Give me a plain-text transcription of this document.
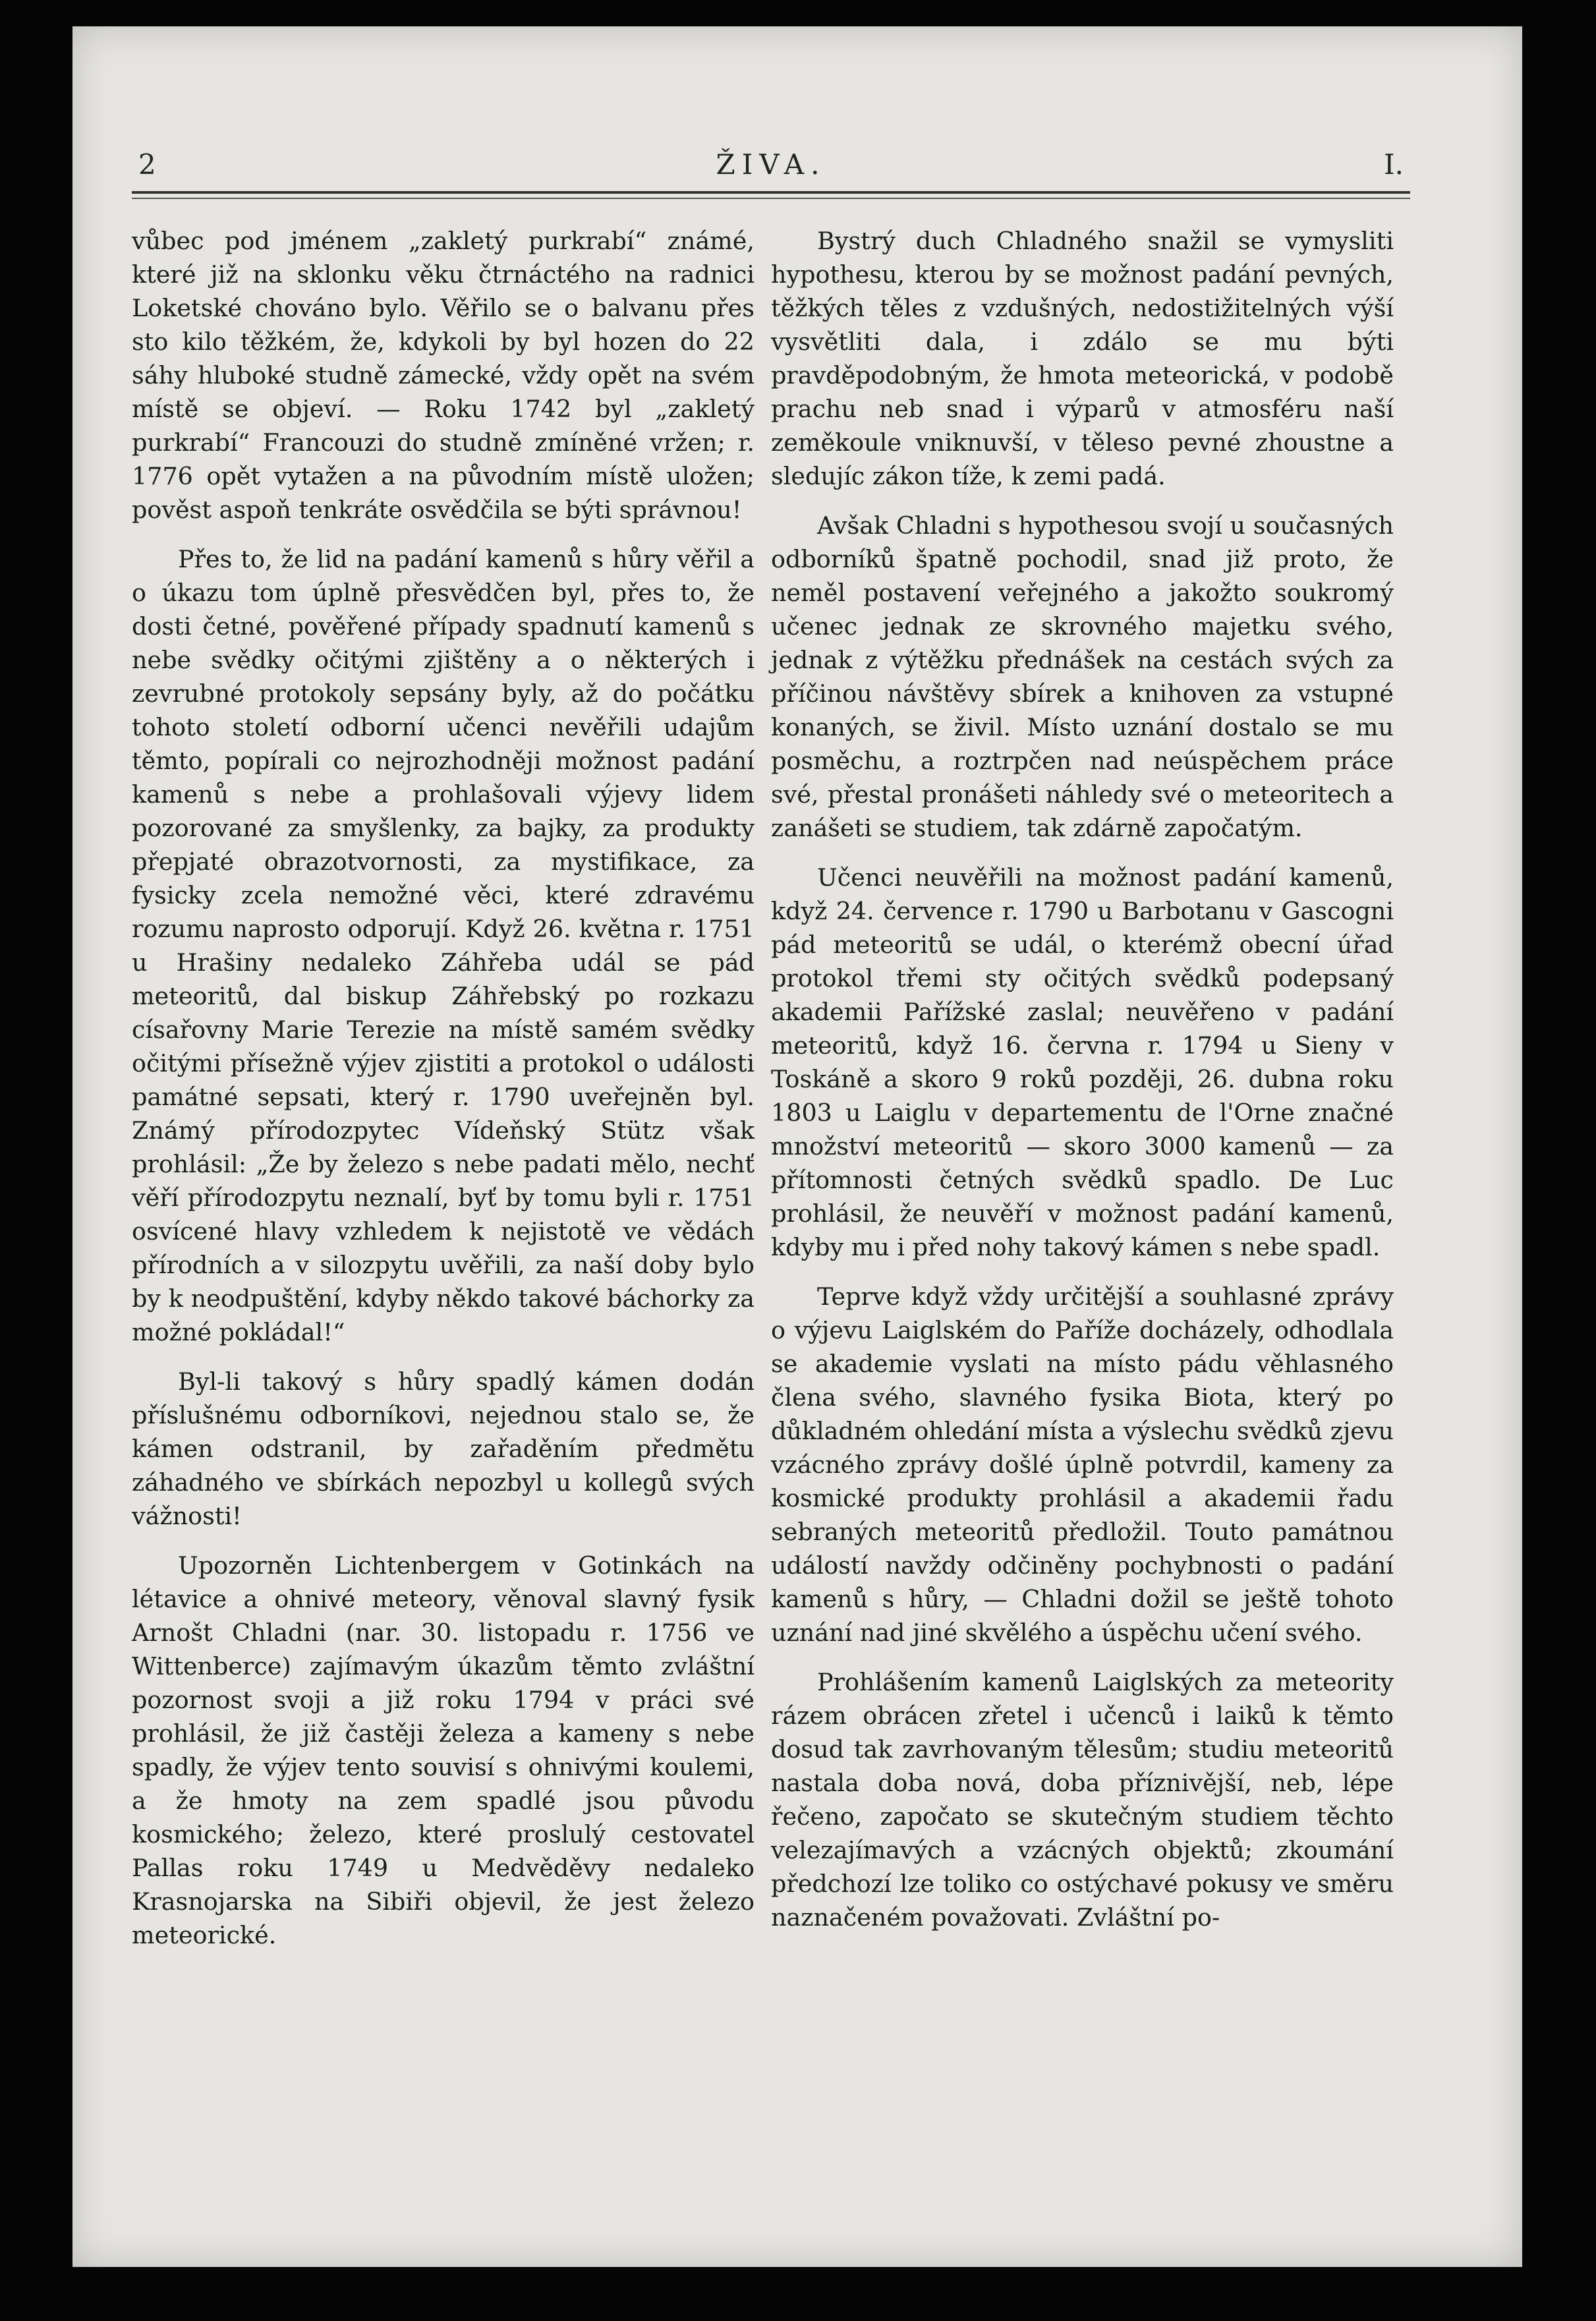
2	ŽIVA.	I.

vůbec pod jménem „zakletý purkrabí“ známé, které již na sklonku věku čtrnáctého na radnici Loketské chováno bylo. Věřilo se o balvanu přes sto kilo těžkém, že, kdykoli by byl hozen do 22 sáhy hluboké studně zámecké, vždy opět na svém místě se objeví. — Roku 1742 byl „zakletý purkrabí“ Francouzi do studně zmíněné vržen; r. 1776 opět vytažen a na původním místě uložen; pověst aspoň tenkráte osvědčila se býti správnou!

Přes to, že lid na padání kamenů s hůry věřil a o úkazu tom úplně přesvědčen byl, přes to, že dosti četné, pověřené případy spadnutí kamenů s nebe svědky očitými zjištěny a o některých i zevrubné protokoly sepsány byly, až do počátku tohoto století odborní učenci nevěřili udajům těmto, popírali co nejrozhodněji možnost padání kamenů s nebe a prohlašovali výjevy lidem pozorované za smyšlenky, za bajky, za produkty přepjaté obrazotvornosti, za mystifikace, za fysicky zcela nemožné věci, které zdravému rozumu naprosto odporují. Když 26. května r. 1751 u Hrašiny nedaleko Záhřeba udál se pád meteoritů, dal biskup Záhřebský po rozkazu císařovny Marie Terezie na místě samém svědky očitými přísežně výjev zjistiti a protokol o události památné sepsati, který r. 1790 uveřejněn byl. Známý přírodozpytec Vídeňský Stütz však prohlásil: „Že by železo s nebe padati mělo, nechť věří přírodozpytu neznalí, byť by tomu byli r. 1751 osvícené hlavy vzhledem k nejistotě ve vědách přírodních a v silozpytu uvěřili, za naší doby bylo by k neodpuštění, kdyby někdo takové báchorky za možné pokládal!“

Byl-li takový s hůry spadlý kámen dodán příslušnému odborníkovi, nejednou stalo se, že kámen odstranil, by zařaděním předmětu záhadného ve sbírkách nepozbyl u kollegů svých vážnosti!

Upozorněn Lichtenbergem v Gotinkách na létavice a ohnivé meteory, věnoval slavný fysik Arnošt Chladni (nar. 30. listopadu r. 1756 ve Wittenberce) zajímavým úkazům těmto zvláštní pozornost svoji a již roku 1794 v práci své prohlásil, že již častěji železa a kameny s nebe spadly, že výjev tento souvisí s ohnivými koulemi, a že hmoty na zem spadlé jsou původu kosmického; železo, které proslulý cestovatel Pallas roku 1749 u Medvěděvy nedaleko Krasnojarska na Sibiři objevil, že jest železo meteorické.

Bystrý duch Chladného snažil se vymysliti hypothesu, kterou by se možnost padání pevných, těžkých těles z vzdušných, nedostižitelných výší vysvětliti dala, i zdálo se mu býti pravděpodobným, že hmota meteorická, v podobě prachu neb snad i výparů v atmosféru naší zeměkoule vniknuvší, v těleso pevné zhoustne a sledujíc zákon tíže, k zemi padá.

Avšak Chladni s hypothesou svojí u současných odborníků špatně pochodil, snad již proto, že neměl postavení veřejného a jakožto soukromý učenec jednak ze skrovného majetku svého, jednak z výtěžku přednášek na cestách svých za příčinou návštěvy sbírek a knihoven za vstupné konaných, se živil. Místo uznání dostalo se mu posměchu, a roztrpčen nad neúspěchem práce své, přestal pronášeti náhledy své o meteoritech a zanášeti se studiem, tak zdárně započatým.

Učenci neuvěřili na možnost padání kamenů, když 24. července r. 1790 u Barbotanu v Gascogni pád meteoritů se udál, o kterémž obecní úřad protokol třemi sty očitých svědků podepsaný akademii Pařížské zaslal; neuvěřeno v padání meteoritů, když 16. června r. 1794 u Sieny v Toskáně a skoro 9 roků později, 26. dubna roku 1803 u Laiglu v departementu de l'Orne značné množství meteoritů — skoro 3000 kamenů — za přítomnosti četných svědků spadlo. De Luc prohlásil, že neuvěří v možnost padání kamenů, kdyby mu i před nohy takový kámen s nebe spadl.

Teprve když vždy určitější a souhlasné zprávy o výjevu Laiglském do Paříže docházely, odhodlala se akademie vyslati na místo pádu věhlasného člena svého, slavného fysika Biota, který po důkladném ohledání místa a výslechu svědků zjevu vzácného zprávy došlé úplně potvrdil, kameny za kosmické produkty prohlásil a akademii řadu sebraných meteoritů předložil. Touto památnou událostí navždy odčiněny pochybnosti o padání kamenů s hůry, — Chladni dožil se ještě tohoto uznání nad jiné skvělého a úspěchu učení svého.

Prohlášením kamenů Laiglských za meteority rázem obrácen zřetel i učenců i laiků k těmto dosud tak zavrhovaným tělesům; studiu meteoritů nastala doba nová, doba příznivější, neb, lépe řečeno, započato se skutečným studiem těchto velezajímavých a vzácných objektů; zkoumání předchozí lze toliko co ostýchavé pokusy ve směru naznačeném považovati. Zvláštní po-
